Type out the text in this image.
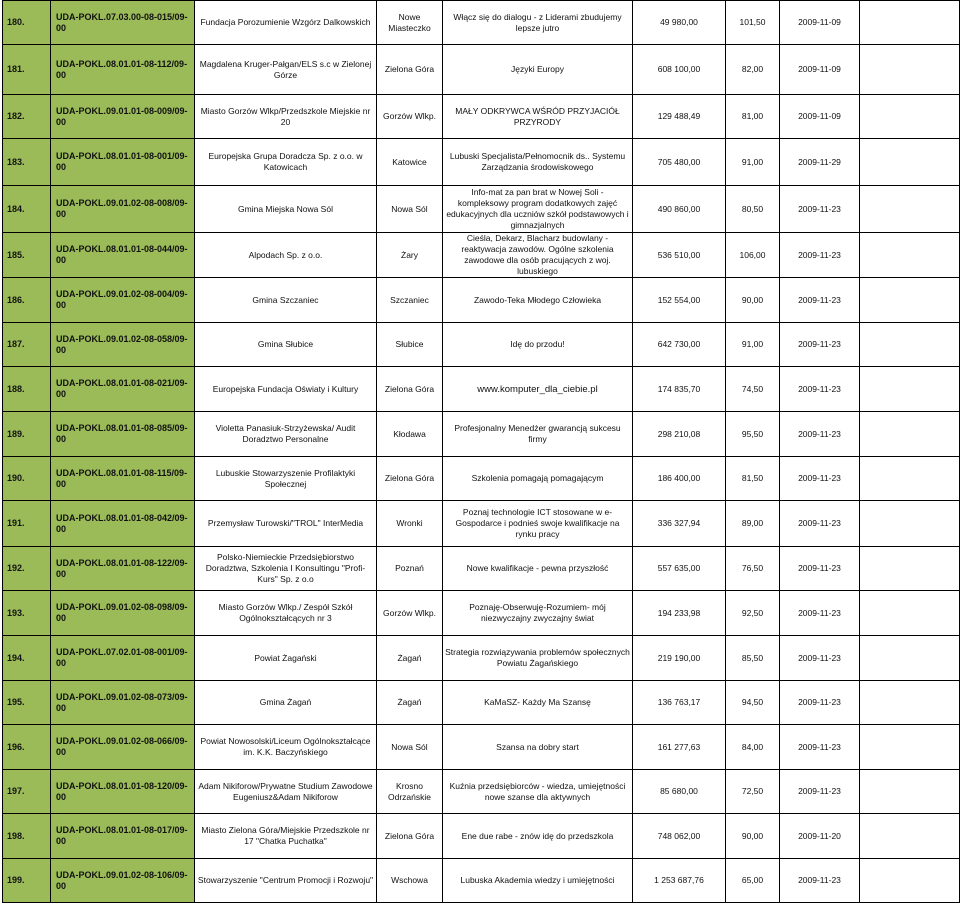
180.	UDA-POKL.07.03.00-08-015/09-00	Fundacja Porozumienie Wzgórz Dalkowskich	Nowe Miasteczko	Włącz się do dialogu - z Liderami zbudujemy lepsze jutro	49 980,00	101,50	2009-11-09	
181.	UDA-POKL.08.01.01-08-112/09-00	Magdalena Kruger-Pałgan/ELS s.c w Zielonej Górze	Zielona Góra	Języki Europy	608 100,00	82,00	2009-11-09	
182.	UDA-POKL.09.01.01-08-009/09-00	Miasto Gorzów Wlkp/Przedszkole Miejskie nr 20	Gorzów Wlkp.	MAŁY ODKRYWCA WŚRÓD PRZYJACIÓŁ PRZYRODY	129 488,49	81,00	2009-11-09	
183.	UDA-POKL.08.01.01-08-001/09-00	Europejska Grupa Doradcza Sp. z o.o. w Katowicach	Katowice	Lubuski Specjalista/Pełnomocnik ds.. Systemu Zarządzania środowiskowego	705 480,00	91,00	2009-11-29	
184.	UDA-POKL.09.01.02-08-008/09-00	Gmina Miejska Nowa Sól	Nowa Sól	Info-mat za pan brat w Nowej Soli - kompleksowy program dodatkowych zajęć edukacyjnych dla uczniów szkół podstawowych i gimnazjalnych	490 860,00	80,50	2009-11-23	
185.	UDA-POKL.08.01.01-08-044/09-00	Alpodach Sp. z o.o.	Żary	Cieśla, Dekarz, Blacharz budowlany - reaktywacja zawodów. Ogólne szkolenia zawodowe dla osób pracujących z woj. lubuskiego	536 510,00	106,00	2009-11-23	
186.	UDA-POKL.09.01.02-08-004/09-00	Gmina Szczaniec	Szczaniec	Zawodo-Teka Młodego Człowieka	152 554,00	90,00	2009-11-23	
187.	UDA-POKL.09.01.02-08-058/09-00	Gmina Słubice	Słubice	Idę do przodu!	642 730,00	91,00	2009-11-23	
188.	UDA-POKL.08.01.01-08-021/09-00	Europejska Fundacja Oświaty i Kultury	Zielona Góra	www.komputer_dla_ciebie.pl	174 835,70	74,50	2009-11-23	
189.	UDA-POKL.08.01.01-08-085/09-00	Violetta Panasiuk-Strzyżewska/ Audit Doradztwo Personalne	Kłodawa	Profesjonalny Menedżer gwarancją sukcesu firmy	298 210,08	95,50	2009-11-23	
190.	UDA-POKL.08.01.01-08-115/09-00	Lubuskie Stowarzyszenie Profilaktyki Społecznej	Zielona Góra	Szkolenia pomagają pomagającym	186 400,00	81,50	2009-11-23	
191.	UDA-POKL.08.01.01-08-042/09-00	Przemysław Turowski/"TROL" InterMedia	Wronki	Poznaj technologie ICT stosowane w e-Gospodarce i podnieś swoje kwalifikacje na rynku pracy	336 327,94	89,00	2009-11-23	
192.	UDA-POKL.08.01.01-08-122/09-00	Polsko-Niemieckie Przedsiębiorstwo Doradztwa, Szkolenia I Konsultingu "Profi-Kurs" Sp. z o.o	Poznań	Nowe kwalifikacje - pewna przyszłość	557 635,00	76,50	2009-11-23	
193.	UDA-POKL.09.01.02-08-098/09-00	Miasto Gorzów Wlkp./ Zespół Szkół Ogólnokształcących nr 3	Gorzów Wlkp.	Poznaję-Obserwuję-Rozumiem- mój niezwyczajny zwyczajny świat	194 233,98	92,50	2009-11-23	
194.	UDA-POKL.07.02.01-08-001/09-00	Powiat Żagański	Żagań	Strategia rozwiązywania problemów społecznych Powiatu Żagańskiego	219 190,00	85,50	2009-11-23	
195.	UDA-POKL.09.01.02-08-073/09-00	Gmina Żagań	Żagań	KaMaSZ- Każdy Ma Szansę	136 763,17	94,50	2009-11-23	
196.	UDA-POKL.09.01.02-08-066/09-00	Powiat Nowosolski/Liceum Ogólnokształcące im. K.K. Baczyńskiego	Nowa Sól	Szansa na dobry start	161 277,63	84,00	2009-11-23	
197.	UDA-POKL.08.01.01-08-120/09-00	Adam Nikiforow/Prywatne Studium Zawodowe Eugeniusz&Adam Nikiforow	Krosno Odrzańskie	Kuźnia przedsiębiorców - wiedza, umiejętności nowe szanse dla aktywnych	85 680,00	72,50	2009-11-23	
198.	UDA-POKL.08.01.01-08-017/09-00	Miasto Zielona Góra/Miejskie Przedszkole nr 17 "Chatka Puchatka"	Zielona Góra	Ene due rabe - znów idę do przedszkola	748 062,00	90,00	2009-11-20	
199.	UDA-POKL.09.01.02-08-106/09-00	Stowarzyszenie "Centrum Promocji i Rozwoju"	Wschowa	Lubuska Akademia wiedzy i umiejętności	1 253 687,76	65,00	2009-11-23	
